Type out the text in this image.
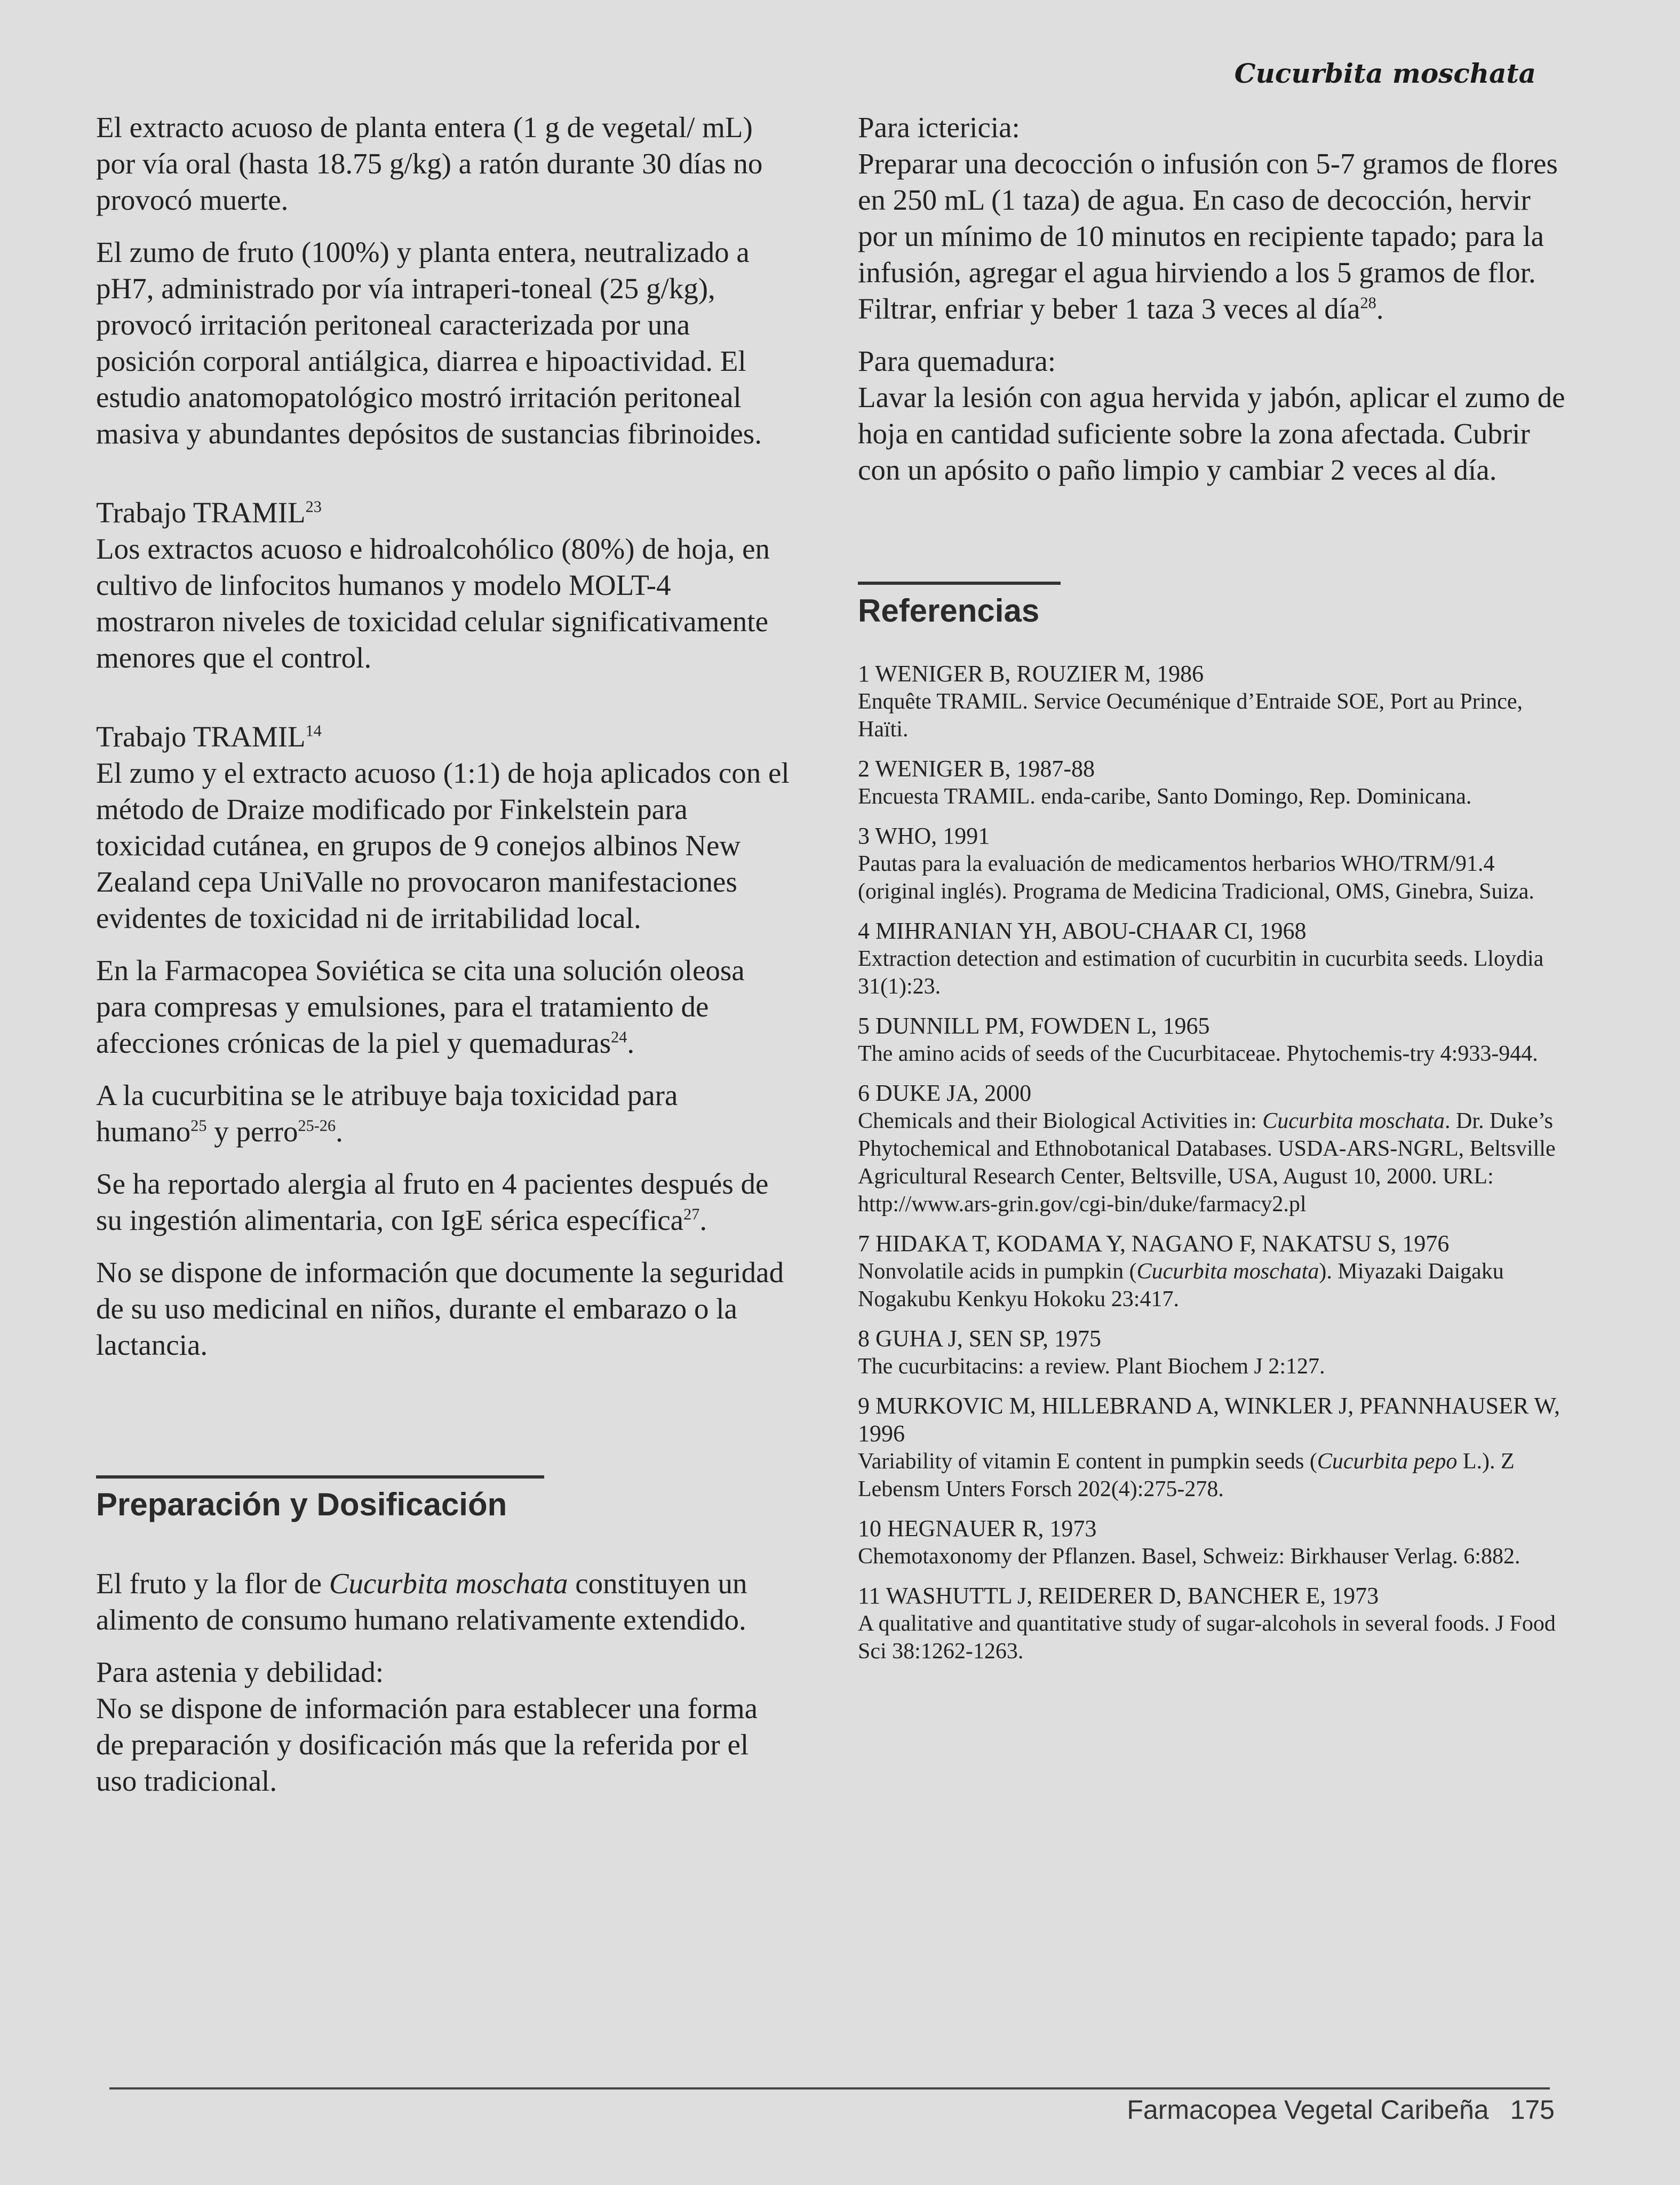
Cucurbita moschata

El extracto acuoso de planta entera (1 g de vegetal/ mL) por vía oral (hasta 18.75 g/kg) a ratón durante 30 días no provocó muerte.

El zumo de fruto (100%) y planta entera, neutralizado a pH7, administrado por vía intraperi-toneal (25 g/kg), provocó irritación peritoneal caracterizada por una posición corporal antiálgica, diarrea e hipoactividad. El estudio anatomopatológico mostró irritación peritoneal masiva y abundantes depósitos de sustancias fibrinoides.

Trabajo TRAMIL$^{23}$
Los extractos acuoso e hidroalcohólico (80%) de hoja, en cultivo de linfocitos humanos y modelo MOLT-4 mostraron niveles de toxicidad celular significativamente menores que el control.

Trabajo TRAMIL$^{14}$
El zumo y el extracto acuoso (1:1) de hoja aplicados con el método de Draize modificado por Finkelstein para toxicidad cutánea, en grupos de 9 conejos albinos New Zealand cepa UniValle no provocaron manifestaciones evidentes de toxicidad ni de irritabilidad local.

En la Farmacopea Soviética se cita una solución oleosa para compresas y emulsiones, para el tratamiento de afecciones crónicas de la piel y quemaduras$^{24}$.

A la cucurbitina se le atribuye baja toxicidad para humano$^{25}$ y perro$^{25-26}$.

Se ha reportado alergia al fruto en 4 pacientes después de su ingestión alimentaria, con IgE sérica específica$^{27}$.

No se dispone de información que documente la seguridad de su uso medicinal en niños, durante el embarazo o la lactancia.

Preparación y Dosificación

El fruto y la flor de Cucurbita moschata constituyen un alimento de consumo humano relativamente extendido.

Para astenia y debilidad:
No se dispone de información para establecer una forma de preparación y dosificación más que la referida por el uso tradicional.

Para ictericia:
Preparar una decocción o infusión con 5-7 gramos de flores en 250 mL (1 taza) de agua. En caso de decocción, hervir por un mínimo de 10 minutos en recipiente tapado; para la infusión, agregar el agua hirviendo a los 5 gramos de flor. Filtrar, enfriar y beber 1 taza 3 veces al día$^{28}$.

Para quemadura:
Lavar la lesión con agua hervida y jabón, aplicar el zumo de hoja en cantidad suficiente sobre la zona afectada. Cubrir con un apósito o paño limpio y cambiar 2 veces al día.

Referencias
1 WENIGER B, ROUZIER M, 1986
Enquête TRAMIL. Service Oecuménique d’Entraide SOE, Port au Prince, Haïti.
2 WENIGER B, 1987-88
Encuesta TRAMIL. enda-caribe, Santo Domingo, Rep. Dominicana.
3 WHO, 1991
Pautas para la evaluación de medicamentos herbarios WHO/TRM/91.4 (original inglés). Programa de Medicina Tradicional, OMS, Ginebra, Suiza.
4 MIHRANIAN YH, ABOU-CHAAR CI, 1968
Extraction detection and estimation of cucurbitin in cucurbita seeds. Lloydia 31(1):23.
5 DUNNILL PM, FOWDEN L, 1965
The amino acids of seeds of the Cucurbitaceae. Phytochemis-try 4:933-944.
6 DUKE JA, 2000
Chemicals and their Biological Activities in: Cucurbita moschata. Dr. Duke’s Phytochemical and Ethnobotanical Databases. USDA-ARS-NGRL, Beltsville Agricultural Research Center, Beltsville, USA, August 10, 2000. URL: http://www.ars-grin.gov/cgi-bin/duke/farmacy2.pl
7 HIDAKA T, KODAMA Y, NAGANO F, NAKATSU S, 1976
Nonvolatile acids in pumpkin (Cucurbita moschata). Miyazaki Daigaku Nogakubu Kenkyu Hokoku 23:417.
8 GUHA J, SEN SP, 1975
The cucurbitacins: a review. Plant Biochem J 2:127.
9 MURKOVIC M, HILLEBRAND A, WINKLER J, PFANNHAUSER W, 1996
Variability of vitamin E content in pumpkin seeds (Cucurbita pepo L.). Z Lebensm Unters Forsch 202(4):275-278.
10 HEGNAUER R, 1973
Chemotaxonomy der Pflanzen. Basel, Schweiz: Birkhauser Verlag. 6:882.
11 WASHUTTL J, REIDERER D, BANCHER E, 1973
A qualitative and quantitative study of sugar-alcohols in several foods. J Food Sci 38:1262-1263.
Farmacopea Vegetal Caribeña 175
